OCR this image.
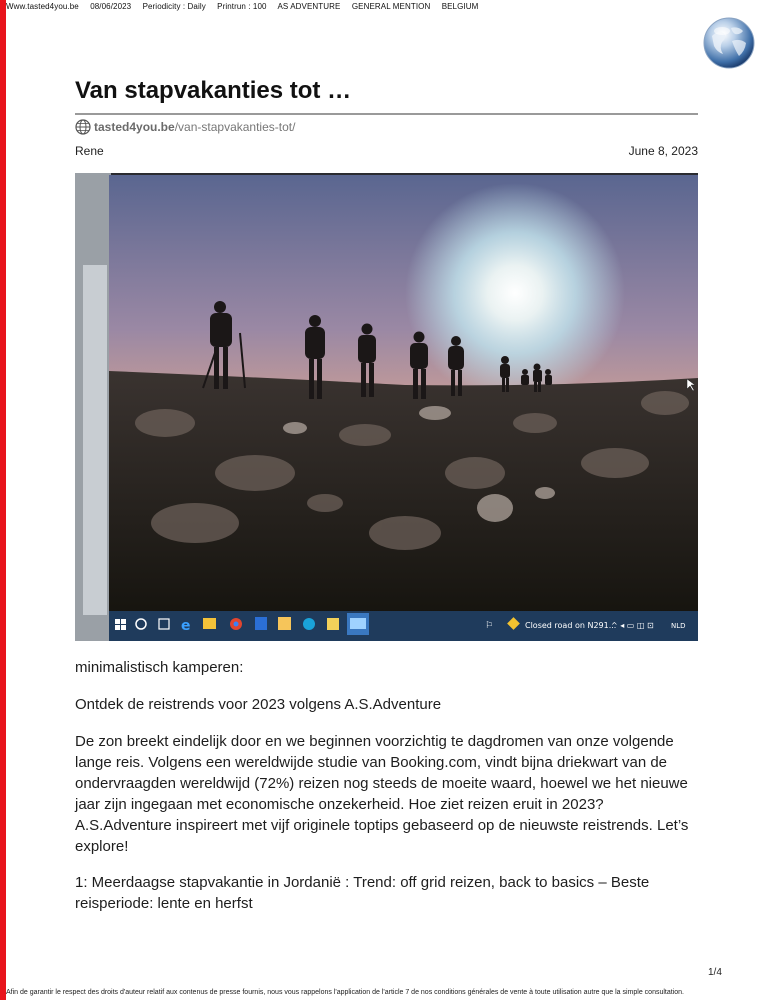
Www.tasted4you.be 08/06/2023 Periodicity : Daily Printrun : 100 AS ADVENTURE GENERAL MENTION BELGIUM
Van stapvakanties tot …
tasted4you.be /van-stapvakanties-tot/
Rene	June 8, 2023
e	⚐	Closed road on N291...
^ ◂ ▭ ◫ ⊡ NLD

minimalistisch kamperen:

Ontdek de reistrends voor 2023 volgens A.S.Adventure

De zon breekt eindelijk door en we beginnen voorzichtig te dagdromen van onze volgende lange reis. Volgens een wereldwijde studie van Booking.com, vindt bijna driekwart van de ondervraagden wereldwijd (72%) reizen nog steeds de moeite waard, hoewel we het nieuwe jaar zijn ingegaan met economische onzekerheid. Hoe ziet reizen eruit in 2023? A.S.Adventure inspireert met vijf originele toptips gebaseerd op de nieuwste reistrends. Let’s explore!

1: Meerdaagse stapvakantie in Jordanië : Trend: off grid reizen, back to basics – Beste reisperiode: lente en herfst

1/4
Afin de garantir le respect des droits d'auteur relatif aux contenus de presse fournis, nous vous rappelons l'application de l'article 7 de nos conditions générales de vente à toute utilisation autre que la simple consultation.
